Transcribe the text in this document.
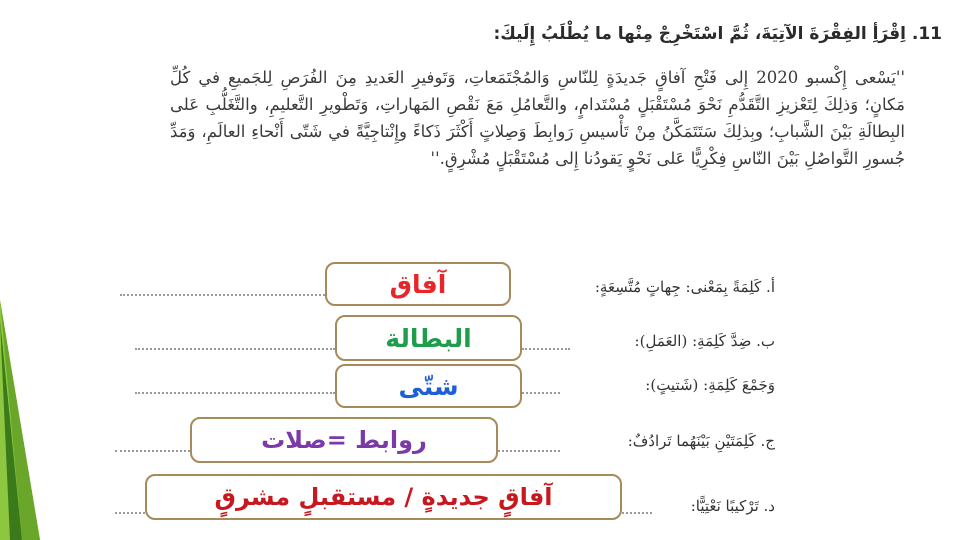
11. اِقْرَأِ الفِقْرَةَ الآتِيَةَ، ثُمَّ اسْتَخْرِجْ مِنْها ما يُطْلَبُ إِلَيكَ:
''يَسْعى إِكْسبو 2020 إِلى فَتْحِ آفاقٍ جَديدَةٍ لِلنّاسِ وَالمُجْتَمَعاتِ، وَتَوفيرِ العَديدِ مِنَ الفُرَصِ لِلجَميعِ في كُلِّ مَكانٍ؛ وَذلِكَ لِتَعْزيزِ التَّقَدُّمِ نَحْوَ مُسْتَقْبَلٍ مُسْتَدامٍ، والتَّعامُلِ مَعَ نَقْصِ المَهاراتِ، وَتَطْويرِ التَّعليمِ، والتَّغَلُّبِ عَلى البِطالَةِ بَيْنَ الشَّبابِ؛ وبِذلِكَ سَتَتَمَكَّنُ مِنْ تَأْسيسِ رَوابِطَ وَصِلاتٍ أَكْثَرَ ذَكاءً وإِنْتاجِيَّةً في شَتّى أَنْحاءِ العالَمِ، وَمَدِّ جُسورِ التَّواصُلِ بَيْنَ النّاسِ فِكْرِيًّا عَلى نَحْوٍ يَقودُنا إِلى مُسْتَقْبَلٍ مُشْرِقٍ.''
أ. كَلِمَةً بِمَعْنى: جِهاتٍ مُتَّسِعَةٍ:
آفاق
ب. ضِدَّ كَلِمَةِ: (العَمَلِ):
البطالة
وَجَمْعَ كَلِمَةِ: (شَتيتٍ):
شتّى
ج. كَلِمَتَيْنِ بَيْنَهُما تَرادُفٌ:
روابط =صلات
د. تَرْكيبًا نَعْتِيًّا:
آفاقٍ جديدةٍ / مستقبلٍ مشرقٍ
